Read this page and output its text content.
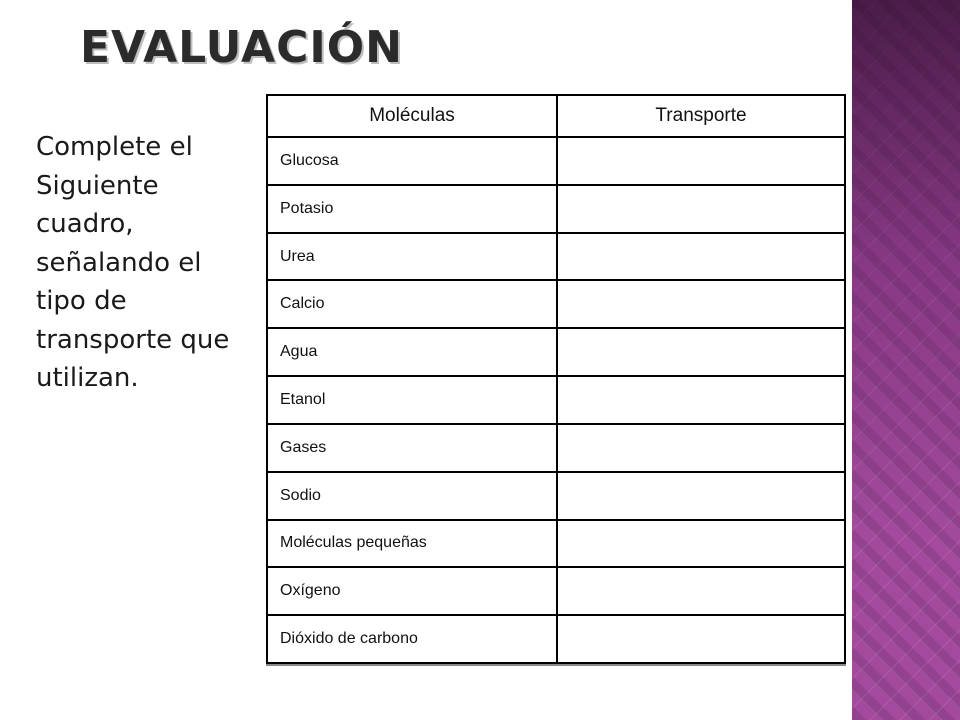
EVALUACIÓN

Complete el Siguiente cuadro, señalando el tipo de transporte que utilizan.

Moléculas	Transporte
Glucosa	
Potasio	
Urea	
Calcio	
Agua	
Etanol	
Gases	
Sodio	
Moléculas pequeñas	
Oxígeno	
Dióxido de carbono	
